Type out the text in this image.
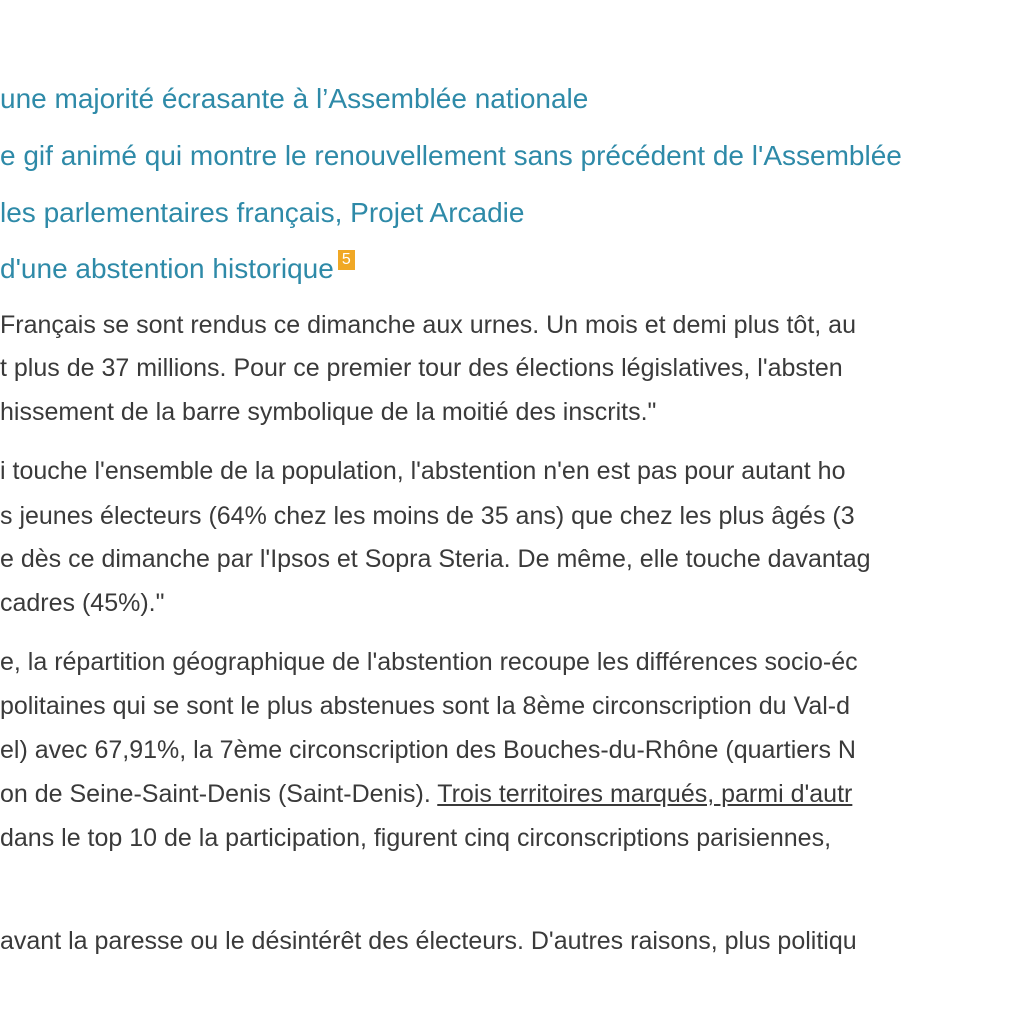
une majorité écrasante à l’Assemblée nationale
e gif animé qui montre le renouvellement sans précédent de l'Assemblée
les parlementaires français, Projet Arcadie
d'une abstention historique 5

Français se sont rendus ce dimanche aux urnes. Un mois et demi plus tôt, au

t plus de 37 millions. Pour ce premier tour des élections législatives, l'absten

hissement de la barre symbolique de la moitié des inscrits."

i touche l'ensemble de la population, l'abstention n'en est pas pour autant ho

s jeunes électeurs (64% chez les moins de 35 ans) que chez les plus âgés (3

e dès ce dimanche par l'Ipsos et Sopra Steria. De même, elle touche davantag

cadres (45%)."

e, la répartition géographique de l'abstention recoupe les différences socio-éc

politaines qui se sont le plus abstenues sont la 8ème circonscription du Val-d

el) avec 67,91%, la 7ème circonscription des Bouches-du-Rhône (quartiers N

on de Seine-Saint-Denis (Saint-Denis). Trois territoires marqués, parmi d'autr

dans le top 10 de la participation, figurent cinq circonscriptions parisiennes,

avant la paresse ou le désintérêt des électeurs. D'autres raisons, plus politiqu
